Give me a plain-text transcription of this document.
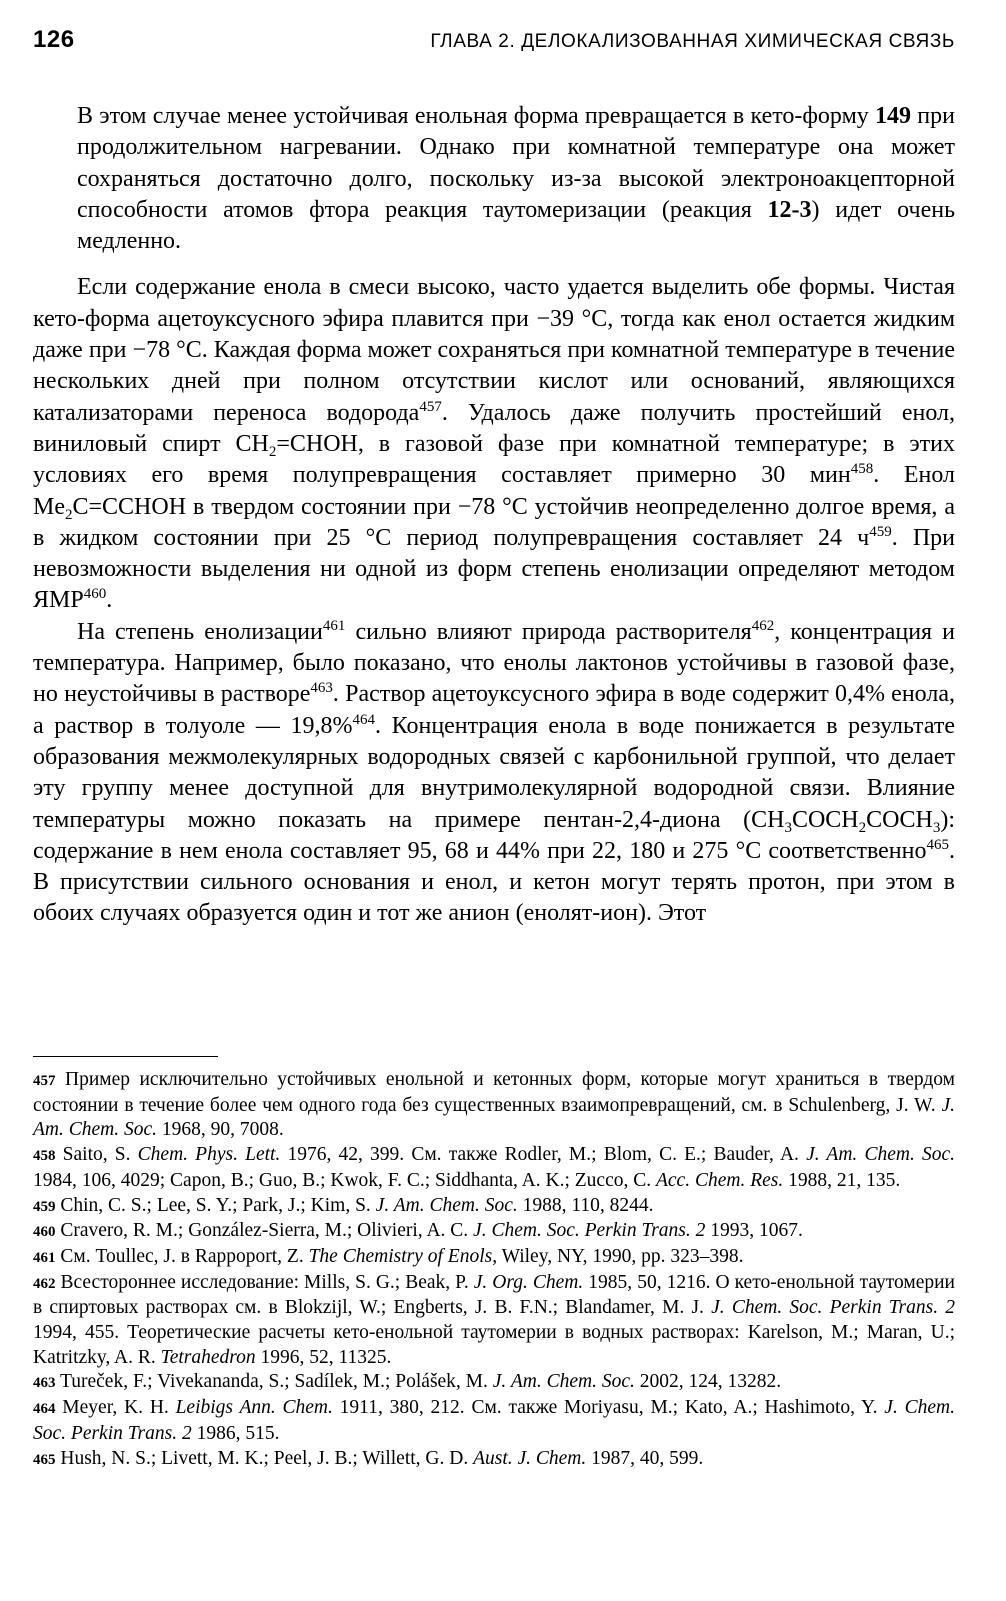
126	ГЛАВА 2. ДЕЛОКАЛИЗОВАННАЯ ХИМИЧЕСКАЯ СВЯЗЬ

В этом случае менее устойчивая енольная форма превращается в кето-форму 149 при продолжительном нагревании. Однако при комнатной температуре она может сохраняться достаточно долго, поскольку из-за высокой электроноакцепторной способности атомов фтора реакция таутомеризации (реакция 12-3) идет очень медленно.

Если содержание енола в смеси высоко, часто удается выделить обе формы. Чистая кето-форма ацетоуксусного эфира плавится при −39 °С, тогда как енол остается жидким даже при −78 °С. Каждая форма может сохраняться при комнатной температуре в течение нескольких дней при полном отсутствии кислот или оснований, являющихся катализаторами переноса водорода$^{457}$. Удалось даже получить простейший енол, виниловый спирт $CH_2=CHOH$, в газовой фазе при комнатной температуре; в этих условиях его время полупревращения составляет примерно 30 мин$^{458}$. Енол $Me_2C=CCHOH$ в твердом состоянии при −78 °С устойчив неопределенно долгое время, а в жидком состоянии при 25 °С период полупревращения составляет 24 $ч^{459}$. При невозможности выделения ни одной из форм степень енолизации определяют методом ЯМР$^{460}$.

На степень енолизации$^{461}$ сильно влияют природа растворителя$^{462}$, концентрация и температура. Например, было показано, что енолы лактонов устойчивы в газовой фазе, но неустойчивы в растворе$^{463}$. Раствор ацетоуксусного эфира в воде содержит 0,4% енола, а раствор в толуоле — 19,8%$^{464}$. Концентрация енола в воде понижается в результате образования межмолекулярных водородных связей с карбонильной группой, что делает эту группу менее доступной для внутримолекулярной водородной связи. Влияние температуры можно показать на примере пентан-2,4-диона $(CH_3COCH_2COCH_3)$: содержание в нем енола составляет 95, 68 и 44% при 22, 180 и 275 °С соответственно$^{465}$. В присутствии сильного основания и енол, и кетон могут терять протон, при этом в обоих случаях образуется один и тот же анион (енолят-ион). Этот

457 Пример исключительно устойчивых енольной и кетонных форм, которые могут храниться в твердом состоянии в течение более чем одного года без существенных взаимопревращений, см. в Schulenberg, J. W. J. Am. Chem. Soc. 1968, 90, 7008.

458 Saito, S. Chem. Phys. Lett. 1976, 42, 399. См. также Rodler, M.; Blom, C. E.; Bauder, A. J. Am. Chem. Soc. 1984, 106, 4029; Capon, B.; Guo, B.; Kwok, F. C.; Siddhanta, A. K.; Zucco, C. Acc. Chem. Res. 1988, 21, 135.

459 Chin, C. S.; Lee, S. Y.; Park, J.; Kim, S. J. Am. Chem. Soc. 1988, 110, 8244.

460 Cravero, R. M.; González-Sierra, M.; Olivieri, A. C. J. Chem. Soc. Perkin Trans. 2 1993, 1067.

461 См. Toullec, J. в Rappoport, Z. The Chemistry of Enols, Wiley, NY, 1990, pp. 323–398.

462 Всестороннее исследование: Mills, S. G.; Beak, P. J. Org. Chem. 1985, 50, 1216. О кето-енольной таутомерии в спиртовых растворах см. в Blokzijl, W.; Engberts, J. B. F.N.; Blandamer, M. J. J. Chem. Soc. Perkin Trans. 2 1994, 455. Теоретические расчеты кето-енольной таутомерии в водных растворах: Karelson, M.; Maran, U.; Katritzky, A. R. Tetrahedron 1996, 52, 11325.

463 Tureček, F.; Vivekananda, S.; Sadílek, M.; Polášek, M. J. Am. Chem. Soc. 2002, 124, 13282.

464 Meyer, K. H. Leibigs Ann. Chem. 1911, 380, 212. См. также Moriyasu, M.; Kato, A.; Hashimoto, Y. J. Chem. Soc. Perkin Trans. 2 1986, 515.

465 Hush, N. S.; Livett, M. K.; Peel, J. B.; Willett, G. D. Aust. J. Chem. 1987, 40, 599.
